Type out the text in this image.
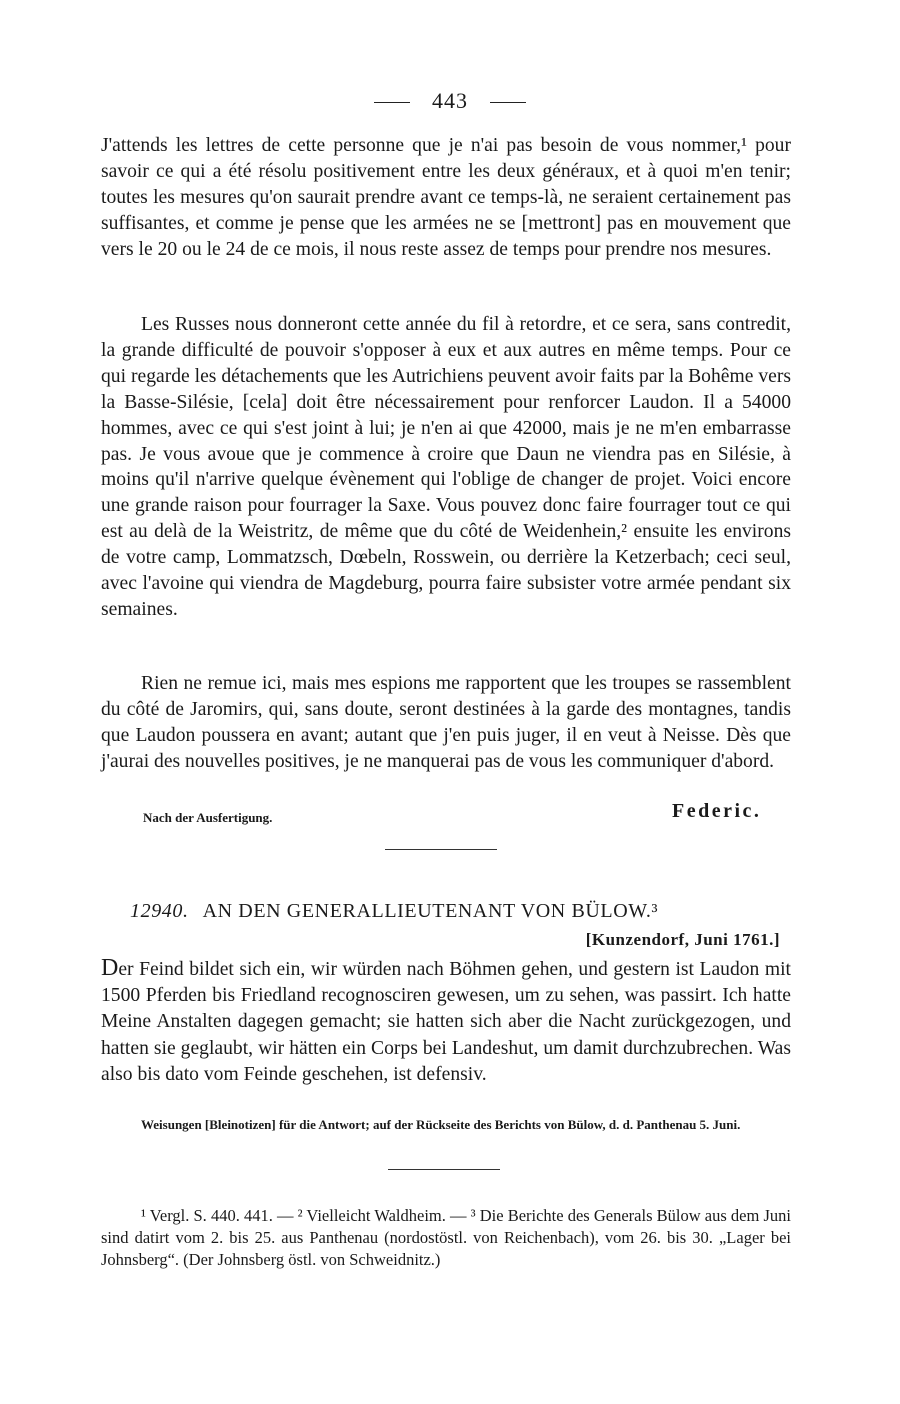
443
J'attends les lettres de cette personne que je n'ai pas besoin de vous nommer,¹ pour savoir ce qui a été résolu positivement entre les deux généraux, et à quoi m'en tenir; toutes les mesures qu'on saurait prendre avant ce temps-là, ne seraient certainement pas suffisantes, et comme je pense que les armées ne se [mettront] pas en mouvement que vers le 20 ou le 24 de ce mois, il nous reste assez de temps pour prendre nos mesures.
Les Russes nous donneront cette année du fil à retordre, et ce sera, sans contredit, la grande difficulté de pouvoir s'opposer à eux et aux autres en même temps. Pour ce qui regarde les détachements que les Autrichiens peuvent avoir faits par la Bohême vers la Basse-Silésie, [cela] doit être nécessairement pour renforcer Laudon. Il a 54000 hommes, avec ce qui s'est joint à lui; je n'en ai que 42000, mais je ne m'en embarrasse pas. Je vous avoue que je commence à croire que Daun ne viendra pas en Silésie, à moins qu'il n'arrive quelque évènement qui l'oblige de changer de projet. Voici encore une grande raison pour fourrager la Saxe. Vous pouvez donc faire fourrager tout ce qui est au delà de la Weistritz, de même que du côté de Weidenhein,² ensuite les environs de votre camp, Lommatzsch, Dœbeln, Rosswein, ou derrière la Ketzerbach; ceci seul, avec l'avoine qui viendra de Magdeburg, pourra faire subsister votre armée pendant six semaines.
Rien ne remue ici, mais mes espions me rapportent que les troupes se rassemblent du côté de Jaromirs, qui, sans doute, seront destinées à la garde des montagnes, tandis que Laudon poussera en avant; autant que j'en puis juger, il en veut à Neisse. Dès que j'aurai des nouvelles positives, je ne manquerai pas de vous les communiquer d'abord.
Nach der Ausfertigung.	Federic.
12940. AN DEN GENERALLIEUTENANT VON BÜLOW.³
[Kunzendorf, Juni 1761.]
Der Feind bildet sich ein, wir würden nach Böhmen gehen, und gestern ist Laudon mit 1500 Pferden bis Friedland recognosciren gewesen, um zu sehen, was passirt. Ich hatte Meine Anstalten dagegen gemacht; sie hatten sich aber die Nacht zurückgezogen, und hatten sie geglaubt, wir hätten ein Corps bei Landeshut, um damit durchzubrechen. Was also bis dato vom Feinde geschehen, ist defensiv.
Weisungen [Bleinotizen] für die Antwort; auf der Rückseite des Berichts von Bülow, d. d. Panthenau 5. Juni.
¹ Vergl. S. 440. 441. — ² Vielleicht Waldheim. — ³ Die Berichte des Generals Bülow aus dem Juni sind datirt vom 2. bis 25. aus Panthenau (nordostöstl. von Reichenbach), vom 26. bis 30. „Lager bei Johnsberg“. (Der Johnsberg östl. von Schweidnitz.)
